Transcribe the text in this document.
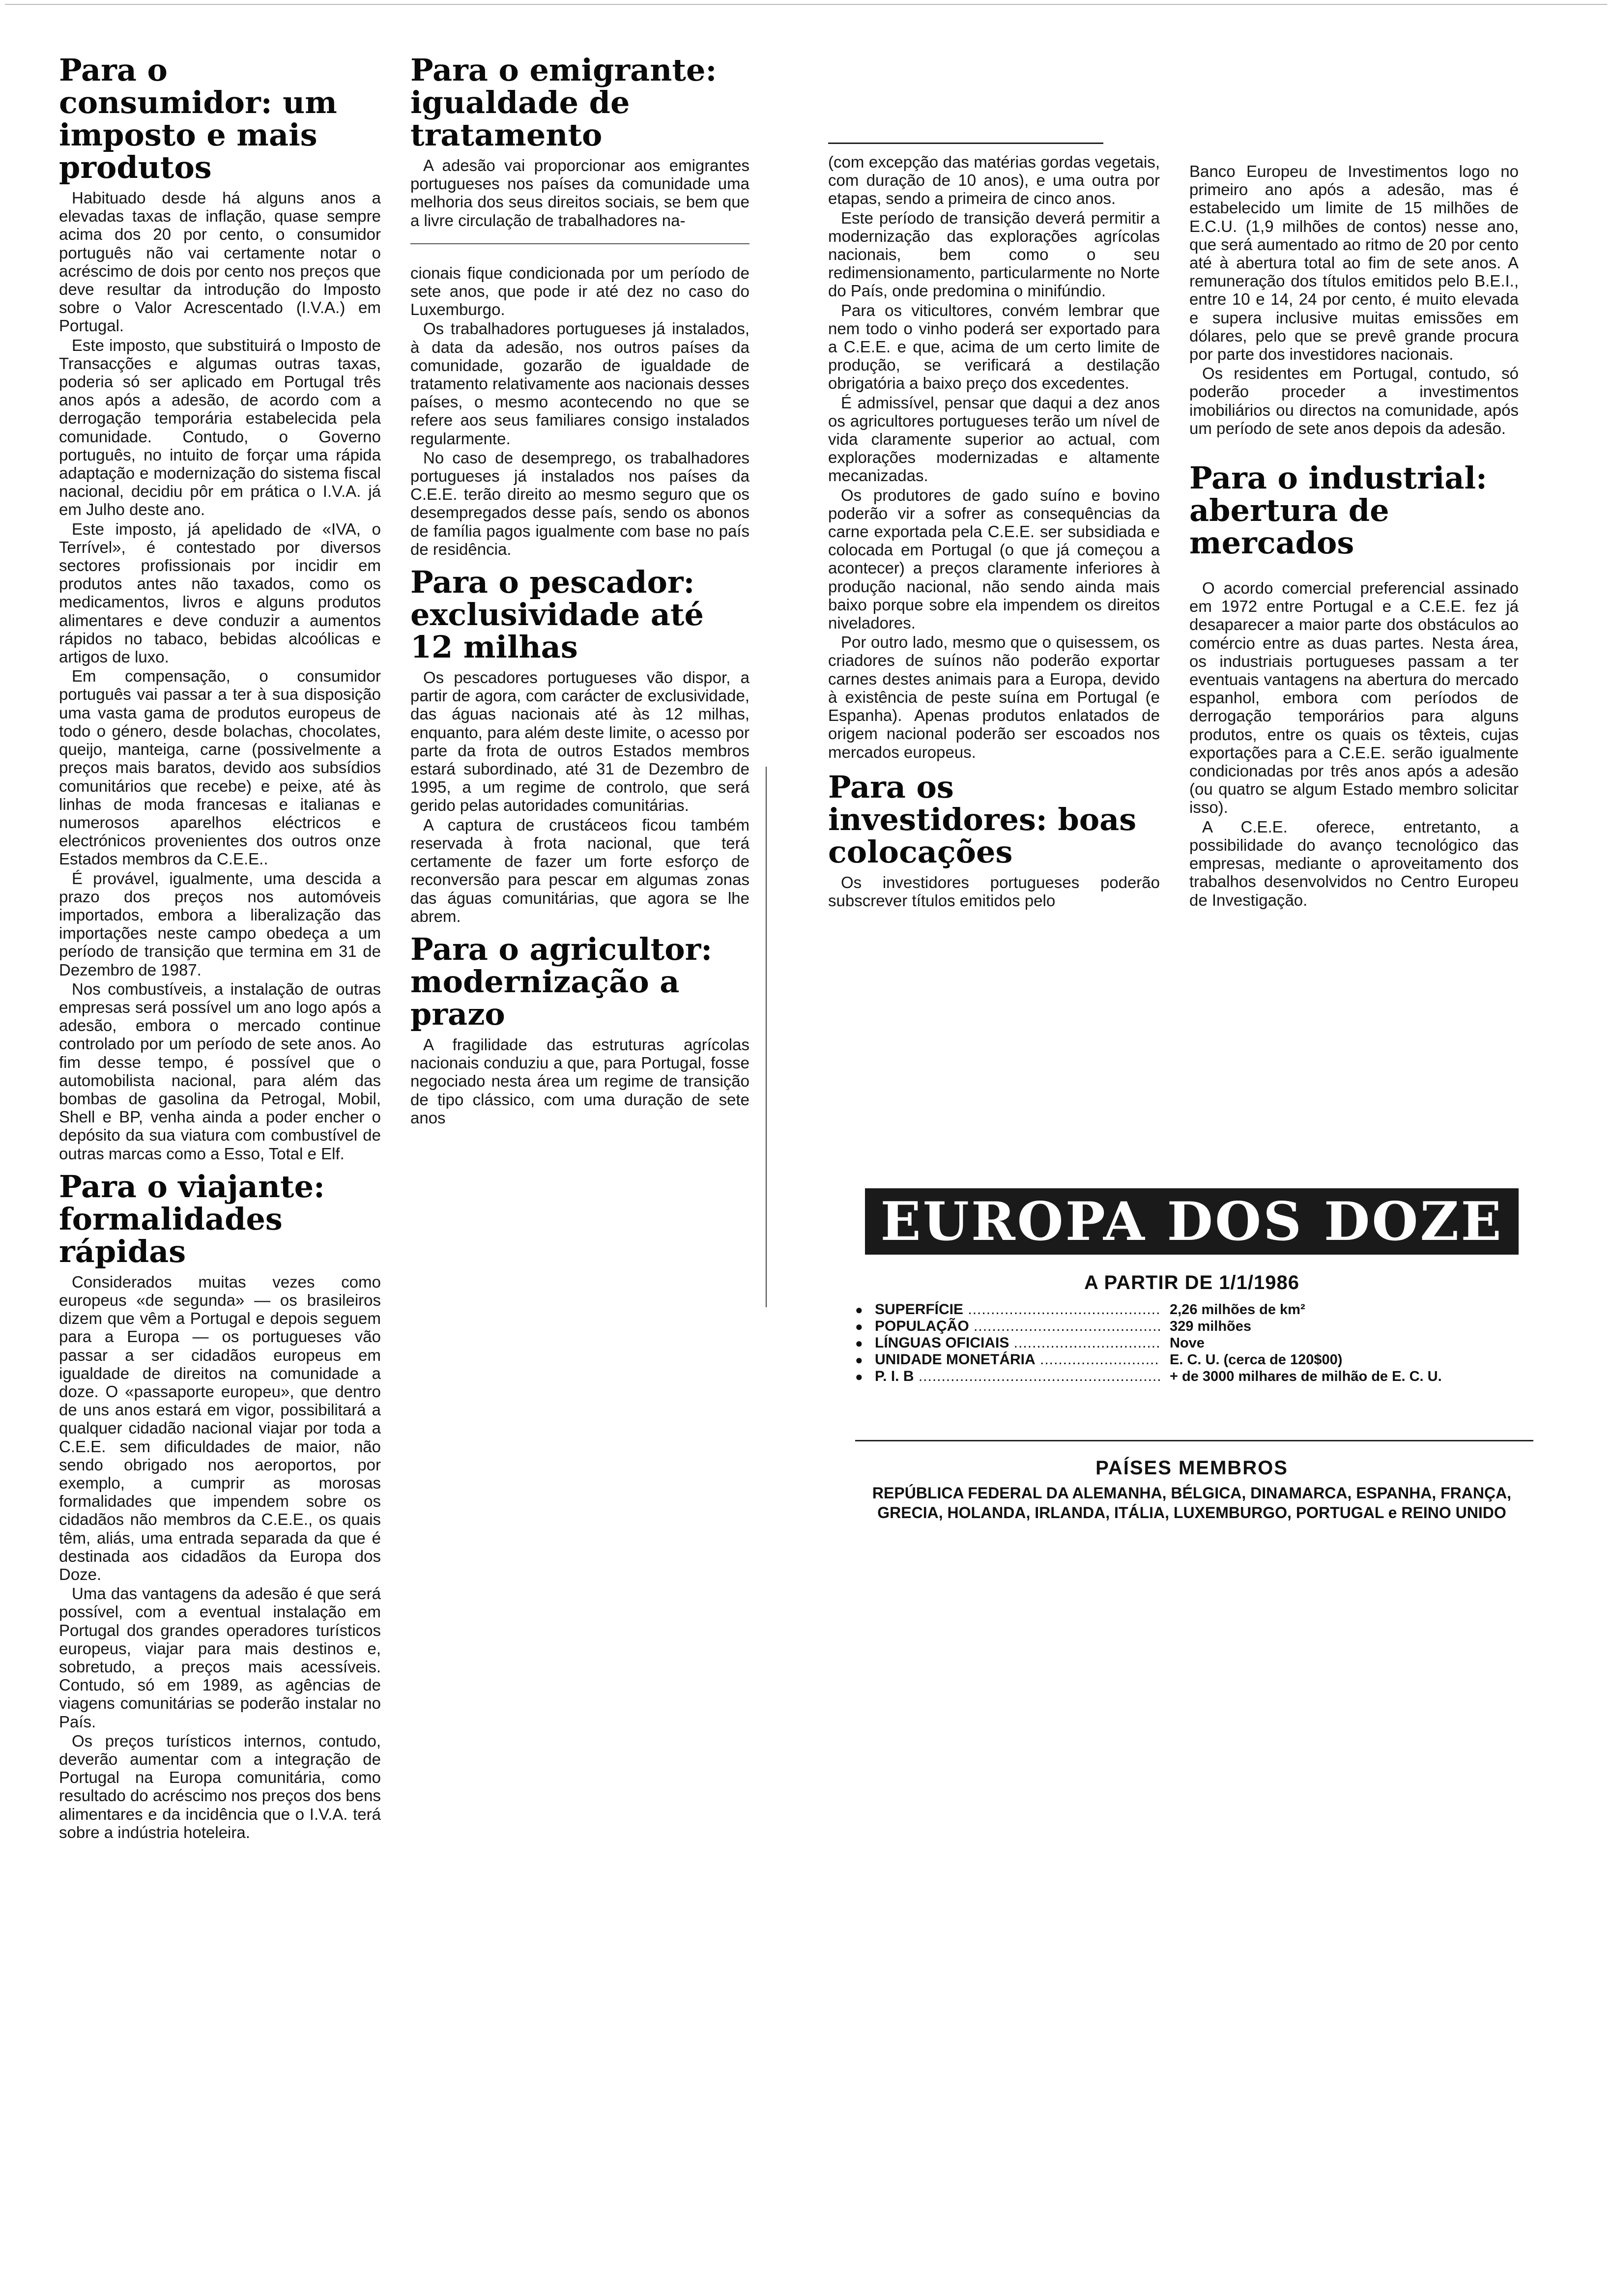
Para o consumidor: um imposto e mais produtos
Habituado desde há alguns anos a elevadas taxas de inflação, quase sempre acima dos 20 por cento, o consumidor português não vai certamente notar o acréscimo de dois por cento nos preços que deve resultar da introdução do Imposto sobre o Valor Acrescentado (I.V.A.) em Portugal.
Este imposto, que substituirá o Imposto de Transacções e algumas outras taxas, poderia só ser aplicado em Portugal três anos após a adesão, de acordo com a derrogação temporária estabelecida pela comunidade. Contudo, o Governo português, no intuito de forçar uma rápida adaptação e modernização do sistema fiscal nacional, decidiu pôr em prática o I.V.A. já em Julho deste ano.
Este imposto, já apelidado de «IVA, o Terrível», é contestado por diversos sectores profissionais por incidir em produtos antes não taxados, como os medicamentos, livros e alguns produtos alimentares e deve conduzir a aumentos rápidos no tabaco, bebidas alcoólicas e artigos de luxo.
Em compensação, o consumidor português vai passar a ter à sua disposição uma vasta gama de produtos europeus de todo o género, desde bolachas, chocolates, queijo, manteiga, carne (possivelmente a preços mais baratos, devido aos subsídios comunitários que recebe) e peixe, até às linhas de moda francesas e italianas e numerosos aparelhos eléctricos e electrónicos provenientes dos outros onze Estados membros da C.E.E..
É provável, igualmente, uma descida a prazo dos preços nos automóveis importados, embora a liberalização das importações neste campo obedeça a um período de transição que termina em 31 de Dezembro de 1987.
Nos combustíveis, a instalação de outras empresas será possível um ano logo após a adesão, embora o mercado continue controlado por um período de sete anos. Ao fim desse tempo, é possível que o automobilista nacional, para além das bombas de gasolina da Petrogal, Mobil, Shell e BP, venha ainda a poder encher o depósito da sua viatura com combustível de outras marcas como a Esso, Total e Elf.
Para o viajante: formalidades rápidas
Considerados muitas vezes como europeus «de segunda» — os brasileiros dizem que vêm a Portugal e depois seguem para a Europa — os portugueses vão passar a ser cidadãos europeus em igualdade de direitos na comunidade a doze. O «passaporte europeu», que dentro de uns anos estará em vigor, possibilitará a qualquer cidadão nacional viajar por toda a C.E.E. sem dificuldades de maior, não sendo obrigado nos aeroportos, por exemplo, a cumprir as morosas formalidades que impendem sobre os cidadãos não membros da C.E.E., os quais têm, aliás, uma entrada separada da que é destinada aos cidadãos da Europa dos Doze.
Uma das vantagens da adesão é que será possível, com a eventual instalação em Portugal dos grandes operadores turísticos europeus, viajar para mais destinos e, sobretudo, a preços mais acessíveis. Contudo, só em 1989, as agências de viagens comunitárias se poderão instalar no País.
Os preços turísticos internos, contudo, deverão aumentar com a integração de Portugal na Europa comunitária, como resultado do acréscimo nos preços dos bens alimentares e da incidência que o I.V.A. terá sobre a indústria hoteleira.
Para o emigrante: igualdade de tratamento
A adesão vai proporcionar aos emigrantes portugueses nos países da comunidade uma melhoria dos seus direitos sociais, se bem que a livre circulação de trabalhadores na-
cionais fique condicionada por um período de sete anos, que pode ir até dez no caso do Luxemburgo.
Os trabalhadores portugueses já instalados, à data da adesão, nos outros países da comunidade, gozarão de igualdade de tratamento relativamente aos nacionais desses países, o mesmo acontecendo no que se refere aos seus familiares consigo instalados regularmente.
No caso de desemprego, os trabalhadores portugueses já instalados nos países da C.E.E. terão direito ao mesmo seguro que os desempregados desse país, sendo os abonos de família pagos igualmente com base no país de residência.
Para o pescador: exclusividade até 12 milhas
Os pescadores portugueses vão dispor, a partir de agora, com carácter de exclusividade, das águas nacionais até às 12 milhas, enquanto, para além deste limite, o acesso por parte da frota de outros Estados membros estará subordinado, até 31 de Dezembro de 1995, a um regime de controlo, que será gerido pelas autoridades comunitárias.
A captura de crustáceos ficou também reservada à frota nacional, que terá certamente de fazer um forte esforço de reconversão para pescar em algumas zonas das águas comunitárias, que agora se lhe abrem.
Para o agricultor: modernização a prazo
A fragilidade das estruturas agrícolas nacionais conduziu a que, para Portugal, fosse negociado nesta área um regime de transição de tipo clássico, com uma duração de sete anos
(com excepção das matérias gordas vegetais, com duração de 10 anos), e uma outra por etapas, sendo a primeira de cinco anos.
Este período de transição deverá permitir a modernização das explorações agrícolas nacionais, bem como o seu redimensionamento, particularmente no Norte do País, onde predomina o minifúndio.
Para os viticultores, convém lembrar que nem todo o vinho poderá ser exportado para a C.E.E. e que, acima de um certo limite de produção, se verificará a destilação obrigatória a baixo preço dos excedentes.
É admissível, pensar que daqui a dez anos os agricultores portugueses terão um nível de vida claramente superior ao actual, com explorações modernizadas e altamente mecanizadas.
Os produtores de gado suíno e bovino poderão vir a sofrer as consequências da carne exportada pela C.E.E. ser subsidiada e colocada em Portugal (o que já começou a acontecer) a preços claramente inferiores à produção nacional, não sendo ainda mais baixo porque sobre ela impendem os direitos niveladores.
Por outro lado, mesmo que o quisessem, os criadores de suínos não poderão exportar carnes destes animais para a Europa, devido à existência de peste suína em Portugal (e Espanha). Apenas produtos enlatados de origem nacional poderão ser escoados nos mercados europeus.
Para os investidores: boas colocações
Os investidores portugueses poderão subscrever títulos emitidos pelo
Banco Europeu de Investimentos logo no primeiro ano após a adesão, mas é estabelecido um limite de 15 milhões de E.C.U. (1,9 milhões de contos) nesse ano, que será aumentado ao ritmo de 20 por cento até à abertura total ao fim de sete anos. A remuneração dos títulos emitidos pelo B.E.I., entre 10 e 14, 24 por cento, é muito elevada e supera inclusive muitas emissões em dólares, pelo que se prevê grande procura por parte dos investidores nacionais.
Os residentes em Portugal, contudo, só poderão proceder a investimentos imobiliários ou directos na comunidade, após um período de sete anos depois da adesão.
Para o industrial: abertura de mercados
O acordo comercial preferencial assinado em 1972 entre Portugal e a C.E.E. fez já desaparecer a maior parte dos obstáculos ao comércio entre as duas partes. Nesta área, os industriais portugueses passam a ter eventuais vantagens na abertura do mercado espanhol, embora com períodos de derrogação temporários para alguns produtos, entre os quais os têxteis, cujas exportações para a C.E.E. serão igualmente condicionadas por três anos após a adesão (ou quatro se algum Estado membro solicitar isso).
A C.E.E. oferece, entretanto, a possibilidade do avanço tecnológico das empresas, mediante o aproveitamento dos trabalhos desenvolvidos no Centro Europeu de Investigação.
EUROPA DOS DOZE
A PARTIR DE 1/1/1986
● SUPERFÍCIE .....	2,26 milhões de km²
● POPULAÇÃO .....	329 milhões
● LÍNGUAS OFICIAIS .....	Nove
● UNIDADE MONETÁRIA .....	E. C. U. (cerca de 120$00)
● P. I. B .....	+ de 3000 milhares de milhão de E. C. U.
PAÍSES MEMBROS
REPÚBLICA FEDERAL DA ALEMANHA, BÉLGICA, DINAMARCA, ESPANHA, FRANÇA, GRECIA, HOLANDA, IRLANDA, ITÁLIA, LUXEMBURGO, PORTUGAL e REINO UNIDO
